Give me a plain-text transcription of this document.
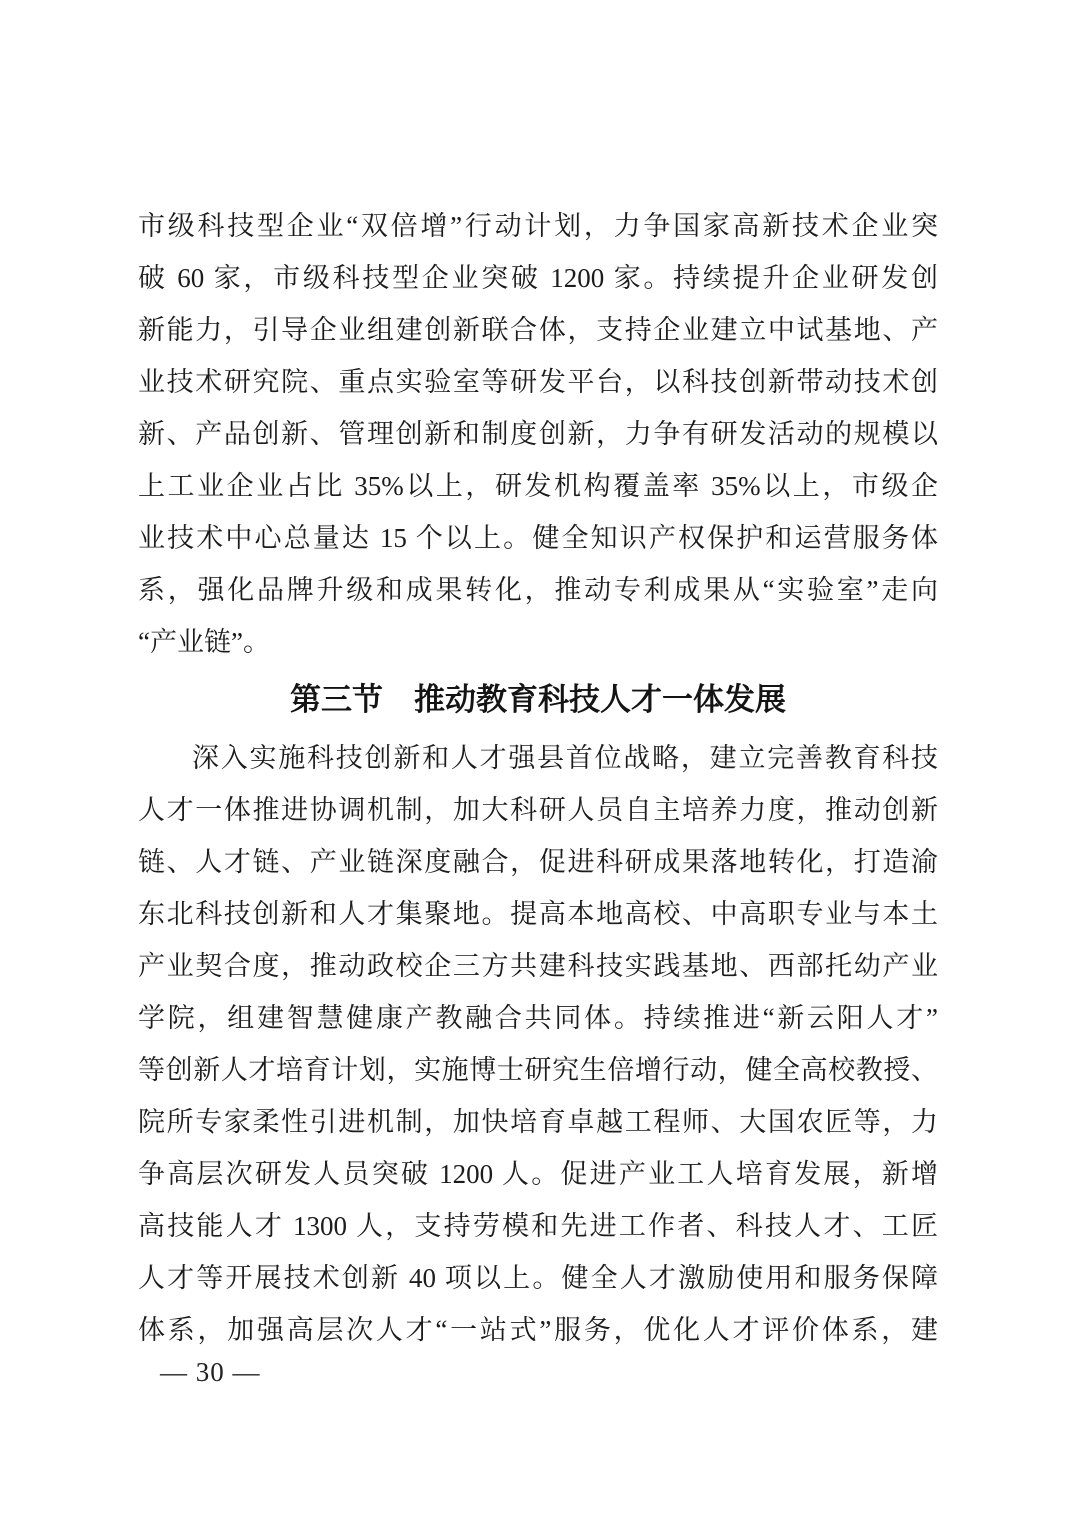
市级科技型企业“双倍增”行动计划，力争国家高新技术企业突
破 60 家，市级科技型企业突破 1200 家。持续提升企业研发创
新能力，引导企业组建创新联合体，支持企业建立中试基地、产
业技术研究院、重点实验室等研发平台，以科技创新带动技术创
新、产品创新、管理创新和制度创新，力争有研发活动的规模以
上工业企业占比 35%以上，研发机构覆盖率 35%以上，市级企
业技术中心总量达 15 个以上。健全知识产权保护和运营服务体
系，强化品牌升级和成果转化，推动专利成果从“实验室”走向
“产业链”。
第三节　推动教育科技人才一体发展
深入实施科技创新和人才强县首位战略，建立完善教育科技
人才一体推进协调机制，加大科研人员自主培养力度，推动创新
链、人才链、产业链深度融合，促进科研成果落地转化，打造渝
东北科技创新和人才集聚地。提高本地高校、中高职专业与本土
产业契合度，推动政校企三方共建科技实践基地、西部托幼产业
学院，组建智慧健康产教融合共同体。持续推进“新云阳人才”
等创新人才培育计划，实施博士研究生倍增行动，健全高校教授、
院所专家柔性引进机制，加快培育卓越工程师、大国农匠等，力
争高层次研发人员突破 1200 人。促进产业工人培育发展，新增
高技能人才 1300 人，支持劳模和先进工作者、科技人才、工匠
人才等开展技术创新 40 项以上。健全人才激励使用和服务保障
体系，加强高层次人才“一站式”服务，优化人才评价体系，建
— 30 —
